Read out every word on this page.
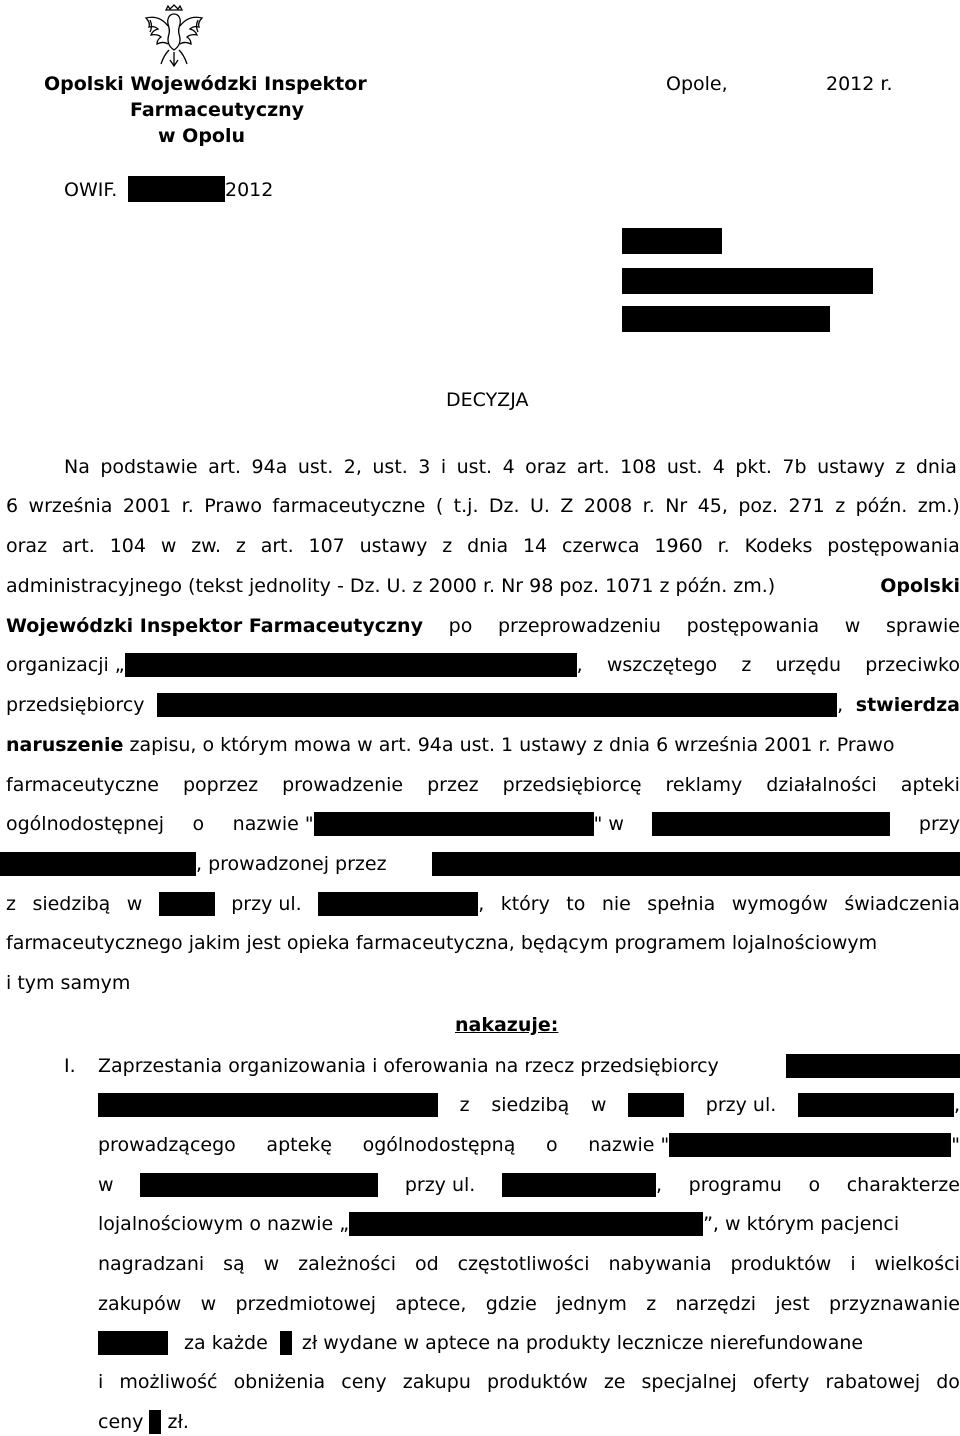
Opolski Wojewódzki Inspektor
Farmaceutyczny
w Opolu
Opole,	2012 r.
OWIF.	2012
DECYZJA
Na podstawie art. 94a ust. 2, ust. 3 i ust. 4 oraz art. 108 ust. 4 pkt. 7b ustawy z dnia
6 września 2001 r. Prawo farmaceutyczne ( t.j. Dz. U. Z 2008 r. Nr 45, poz. 271 z późn. zm.)
oraz art. 104 w zw. z art. 107 ustawy z dnia 14 czerwca 1960 r. Kodeks postępowania
administracyjnego (tekst jednolity - Dz. U. z 2000 r. Nr 98 poz. 1071 z późn. zm.)	Opolski
Wojewódzki Inspektor Farmaceutyczny po przeprowadzeniu postępowania w sprawie
organizacji „	, wszczętego z urzędu przeciwko
przedsiębiorcy	, stwierdza
naruszenie zapisu, o którym mowa w art. 94a ust. 1 ustawy z dnia 6 września 2001 r. Prawo
farmaceutyczne poprzez prowadzenie przez przedsiębiorcę reklamy działalności apteki
ogólnodostępnej o nazwie "	" w	przy
, prowadzonej przez
z siedzibą w	przy ul.	, który to nie spełnia wymogów świadczenia
farmaceutycznego jakim jest opieka farmaceutyczna, będącym programem lojalnościowym
i tym samym
nakazuje:
I. Zaprzestania organizowania i oferowania na rzecz przedsiębiorcy
z siedzibą w	przy ul.	,
prowadzącego aptekę ogólnodostępną o nazwie "	"
w	przy ul.	, programu o charakterze
lojalnościowym o nazwie „	”, w którym pacjenci
nagradzani są w zależności od częstotliwości nabywania produktów i wielkości
zakupów w przedmiotowej aptece, gdzie jednym z narzędzi jest przyznawanie
za każde zł wydane w aptece na produkty lecznicze nierefundowane
i możliwość obniżenia ceny zakupu produktów ze specjalnej oferty rabatowej do
ceny zł.
